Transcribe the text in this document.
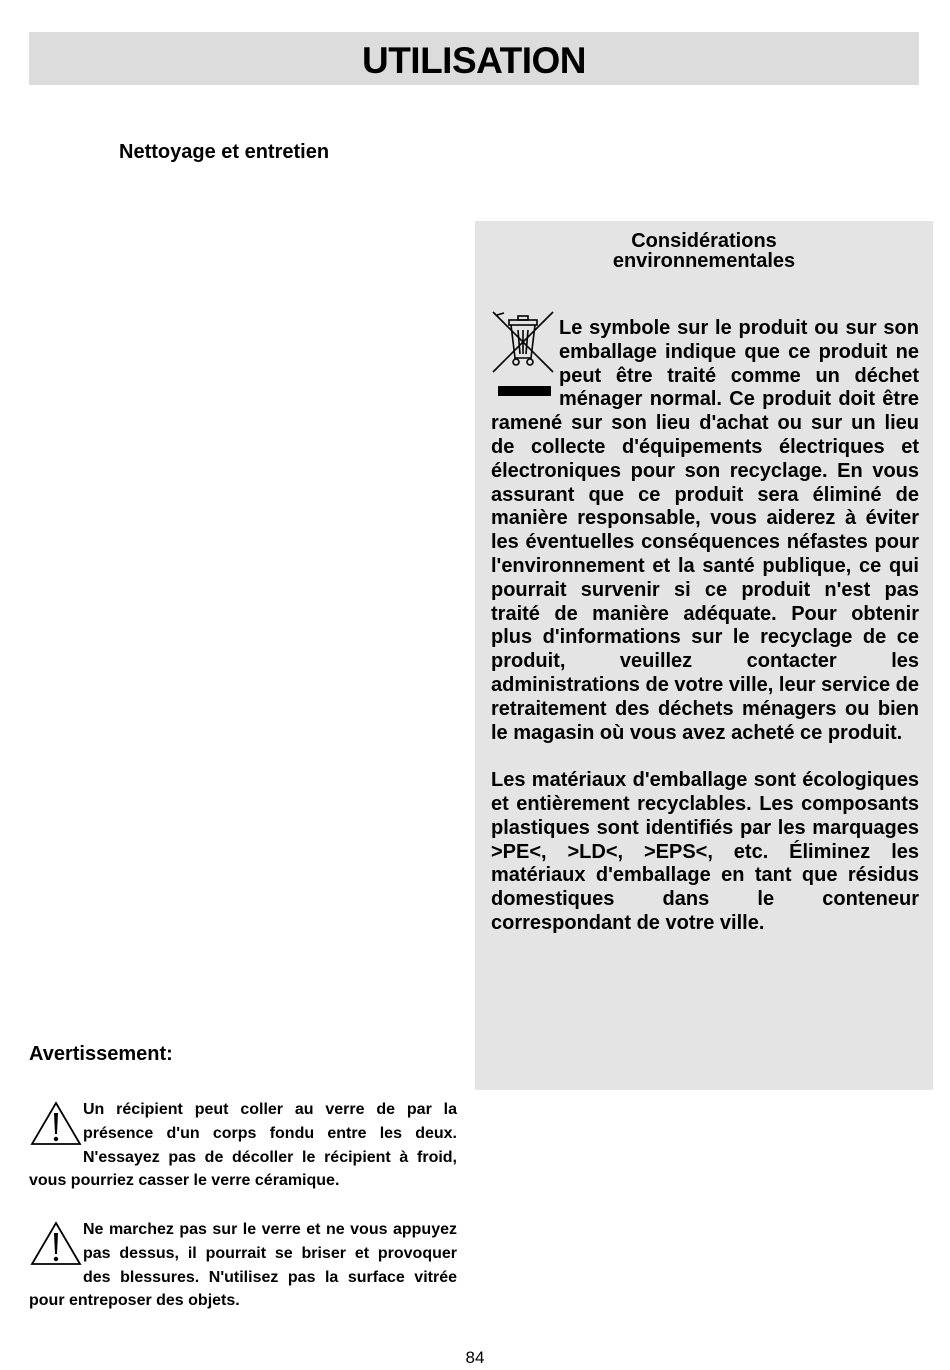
UTILISATION
Nettoyage et entretien
Considérations
environnementales

Le symbole sur le produit ou sur son emballage indique que ce produit ne peut être traité comme un déchet ménager normal. Ce produit doit être ramené sur son lieu d'achat ou sur un lieu de collecte d'équipements électriques et électroniques pour son recyclage. En vous assurant que ce produit sera éliminé de manière responsable, vous aiderez à éviter les éventuelles conséquences néfastes pour l'environnement et la santé publique, ce qui pourrait survenir si ce produit n'est pas traité de manière adéquate. Pour obtenir plus d'informations sur le recyclage de ce produit, veuillez contacter les administrations de votre ville, leur service de retraitement des déchets ménagers ou bien le magasin où vous avez acheté ce produit.

Les matériaux d'emballage sont écologiques et entièrement recyclables. Les composants plastiques sont identifiés par les marquages >PE<, >LD<, >EPS<, etc. Éliminez les matériaux d'emballage en tant que résidus domestiques dans le conteneur correspondant de votre ville.

Avertissement:
Un récipient peut coller au verre de par la présence d'un corps fondu entre les deux. N'essayez pas de décoller le récipient à froid, vous pourriez casser le verre céramique.
Ne marchez pas sur le verre et ne vous appuyez pas dessus, il pourrait se briser et provoquer des blessures. N'utilisez pas la surface vitrée pour entreposer des objets.
84
